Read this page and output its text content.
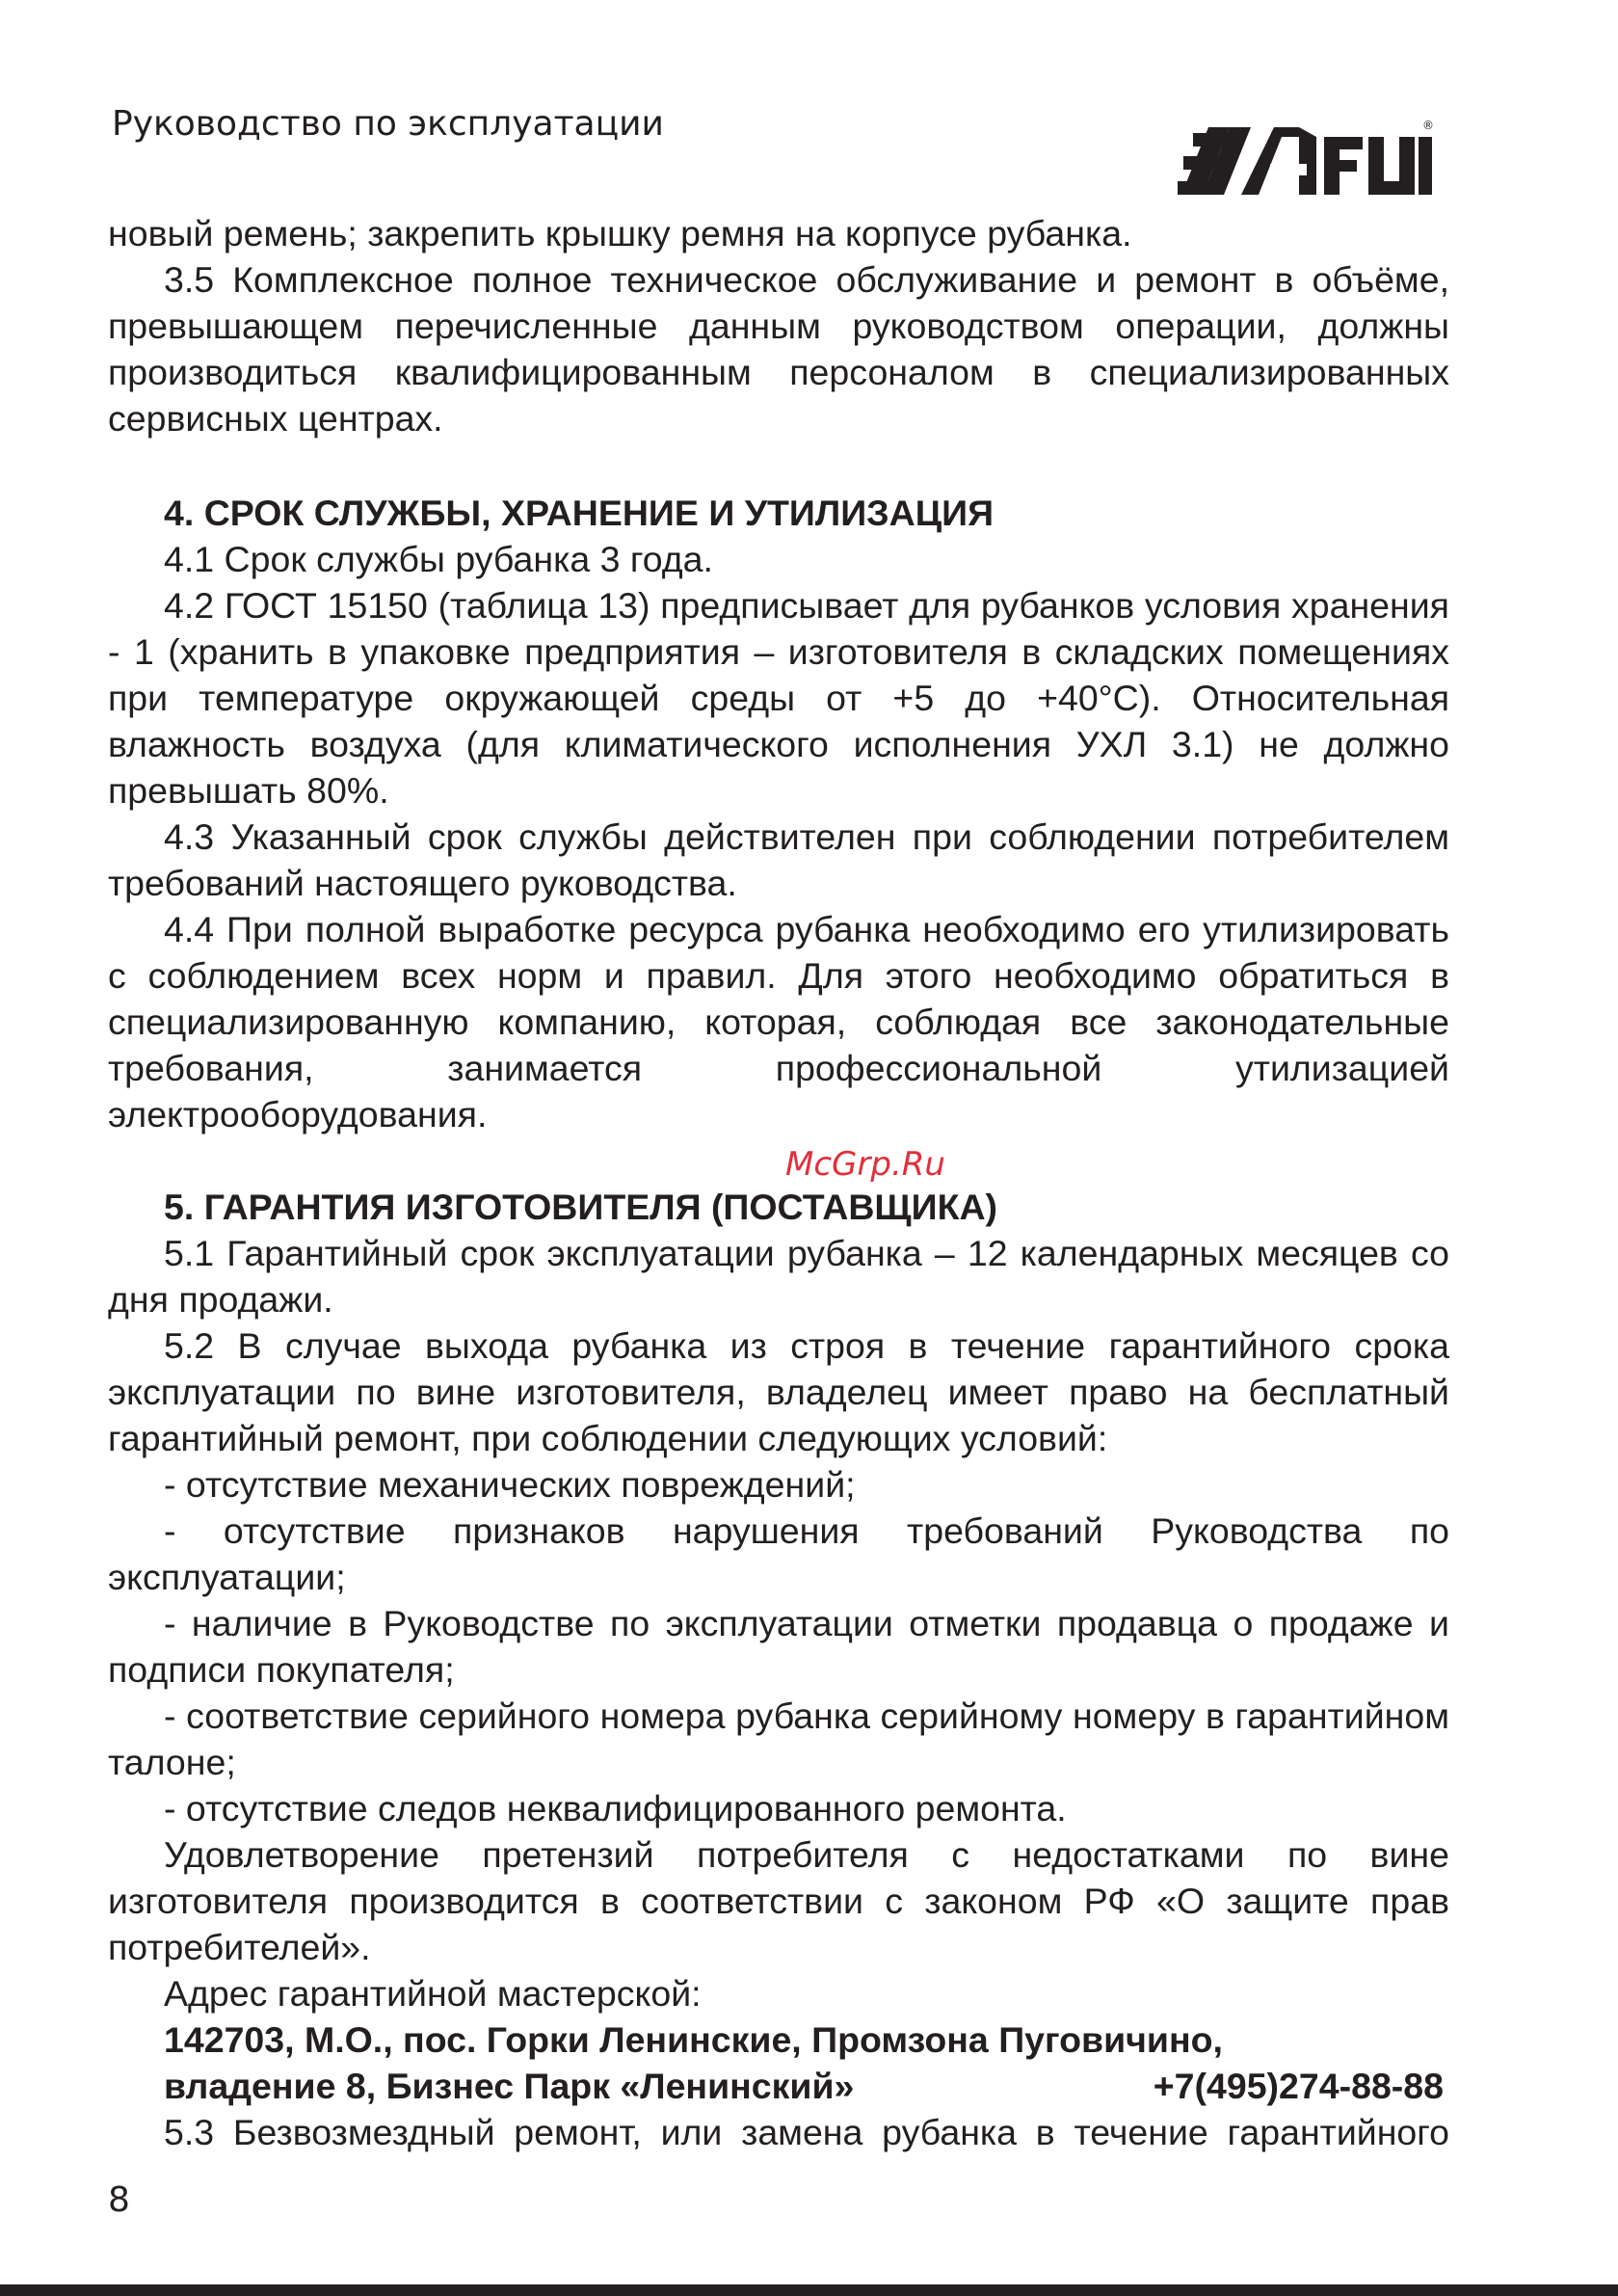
Руководство по эксплуатации	®

новый ремень; закрепить крышку ремня на корпусе рубанка.

3.5 Комплексное полное техническое обслуживание и ремонт в объёме, превышающем перечисленные данным руководством операции, должны производиться квалифицированным персоналом в специализированных сервисных центрах.

4. СРОК СЛУЖБЫ, ХРАНЕНИЕ И УТИЛИЗАЦИЯ

4.1 Срок службы рубанка 3 года.

4.2 ГОСТ 15150 (таблица 13) предписывает для рубанков условия хранения - 1 (хранить в упаковке предприятия – изготовителя в складских помещениях при температуре окружающей среды от +5 до +40°С). Относительная влажность воздуха (для климатического исполнения УХЛ 3.1) не должно превышать 80%.

4.3 Указанный срок службы действителен при соблюдении потребителем требований настоящего руководства.

4.4 При полной выработке ресурса рубанка необходимо его утилизировать с соблюдением всех норм и правил. Для этого необходимо обратиться в специализированную компанию, которая, соблюдая все законодательные требования, занимается профессиональной утилизацией электрооборудования.

McGrp.Ru

5. ГАРАНТИЯ ИЗГОТОВИТЕЛЯ (ПОСТАВЩИКА)

5.1 Гарантийный срок эксплуатации рубанка – 12 календарных месяцев со дня продажи.

5.2 В случае выхода рубанка из строя в течение гарантийного срока эксплуатации по вине изготовителя, владелец имеет право на бесплатный гарантийный ремонт, при соблюдении следующих условий:

- отсутствие механических повреждений;

- отсутствие признаков нарушения требований Руководства по эксплуатации;

- наличие в Руководстве по эксплуатации отметки продавца о продаже и подписи покупателя;

- соответствие серийного номера рубанка серийному номеру в гарантийном талоне;

- отсутствие следов неквалифицированного ремонта.

Удовлетворение претензий потребителя с недостатками по вине изготовителя производится в соответствии с законом РФ «О защите прав потребителей».

Адрес гарантийной мастерской:

142703, М.О., пос. Горки Ленинские, Промзона Пуговичино,

владение 8, Бизнес Парк «Ленинский»	+7(495)274-88-88

5.3 Безвозмездный ремонт, или замена рубанка в течение гарантийного

8
